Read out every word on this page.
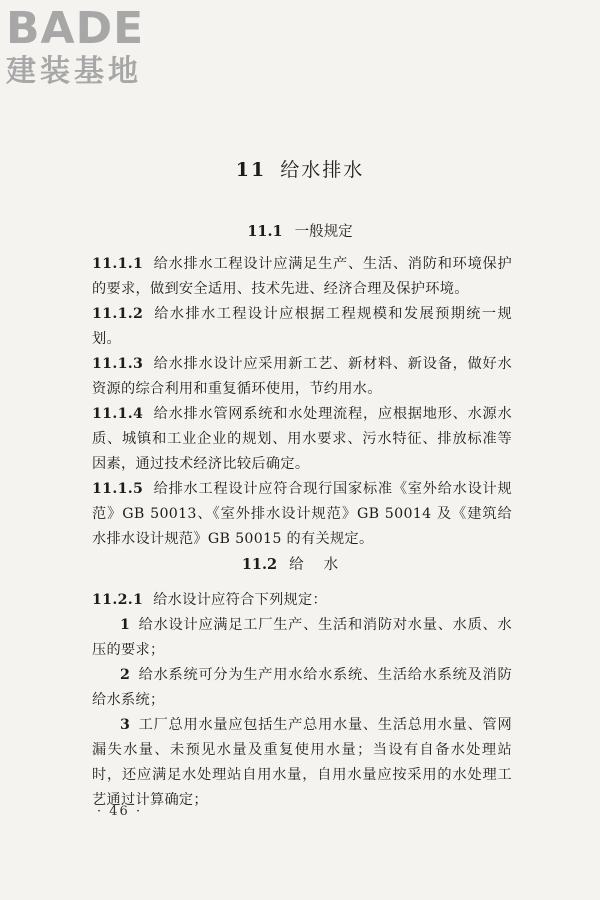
BADE
建装基地
11 给水排水
11.1 一般规定

11.1.1 给水排水工程设计应满足生产、生活、消防和环境保护的要求，做到安全适用、技术先进、经济合理及保护环境。

11.1.2 给水排水工程设计应根据工程规模和发展预期统一规划。

11.1.3 给水排水设计应采用新工艺、新材料、新设备，做好水资源的综合利用和重复循环使用，节约用水。

11.1.4 给水排水管网系统和水处理流程，应根据地形、水源水质、城镇和工业企业的规划、用水要求、污水特征、排放标准等因素，通过技术经济比较后确定。

11.1.5 给排水工程设计应符合现行国家标准《室外给水设计规范》GB 50013、《室外排水设计规范》GB 50014 及《建筑给水排水设计规范》GB 50015 的有关规定。

11.2 给水

11.2.1 给水设计应符合下列规定：

1 给水设计应满足工厂生产、生活和消防对水量、水质、水压的要求；

2 给水系统可分为生产用水给水系统、生活给水系统及消防给水系统；

3 工厂总用水量应包括生产总用水量、生活总用水量、管网漏失水量、未预见水量及重复使用水量；当设有自备水处理站时，还应满足水处理站自用水量，自用水量应按采用的水处理工艺通过计算确定；

· 46 ·
